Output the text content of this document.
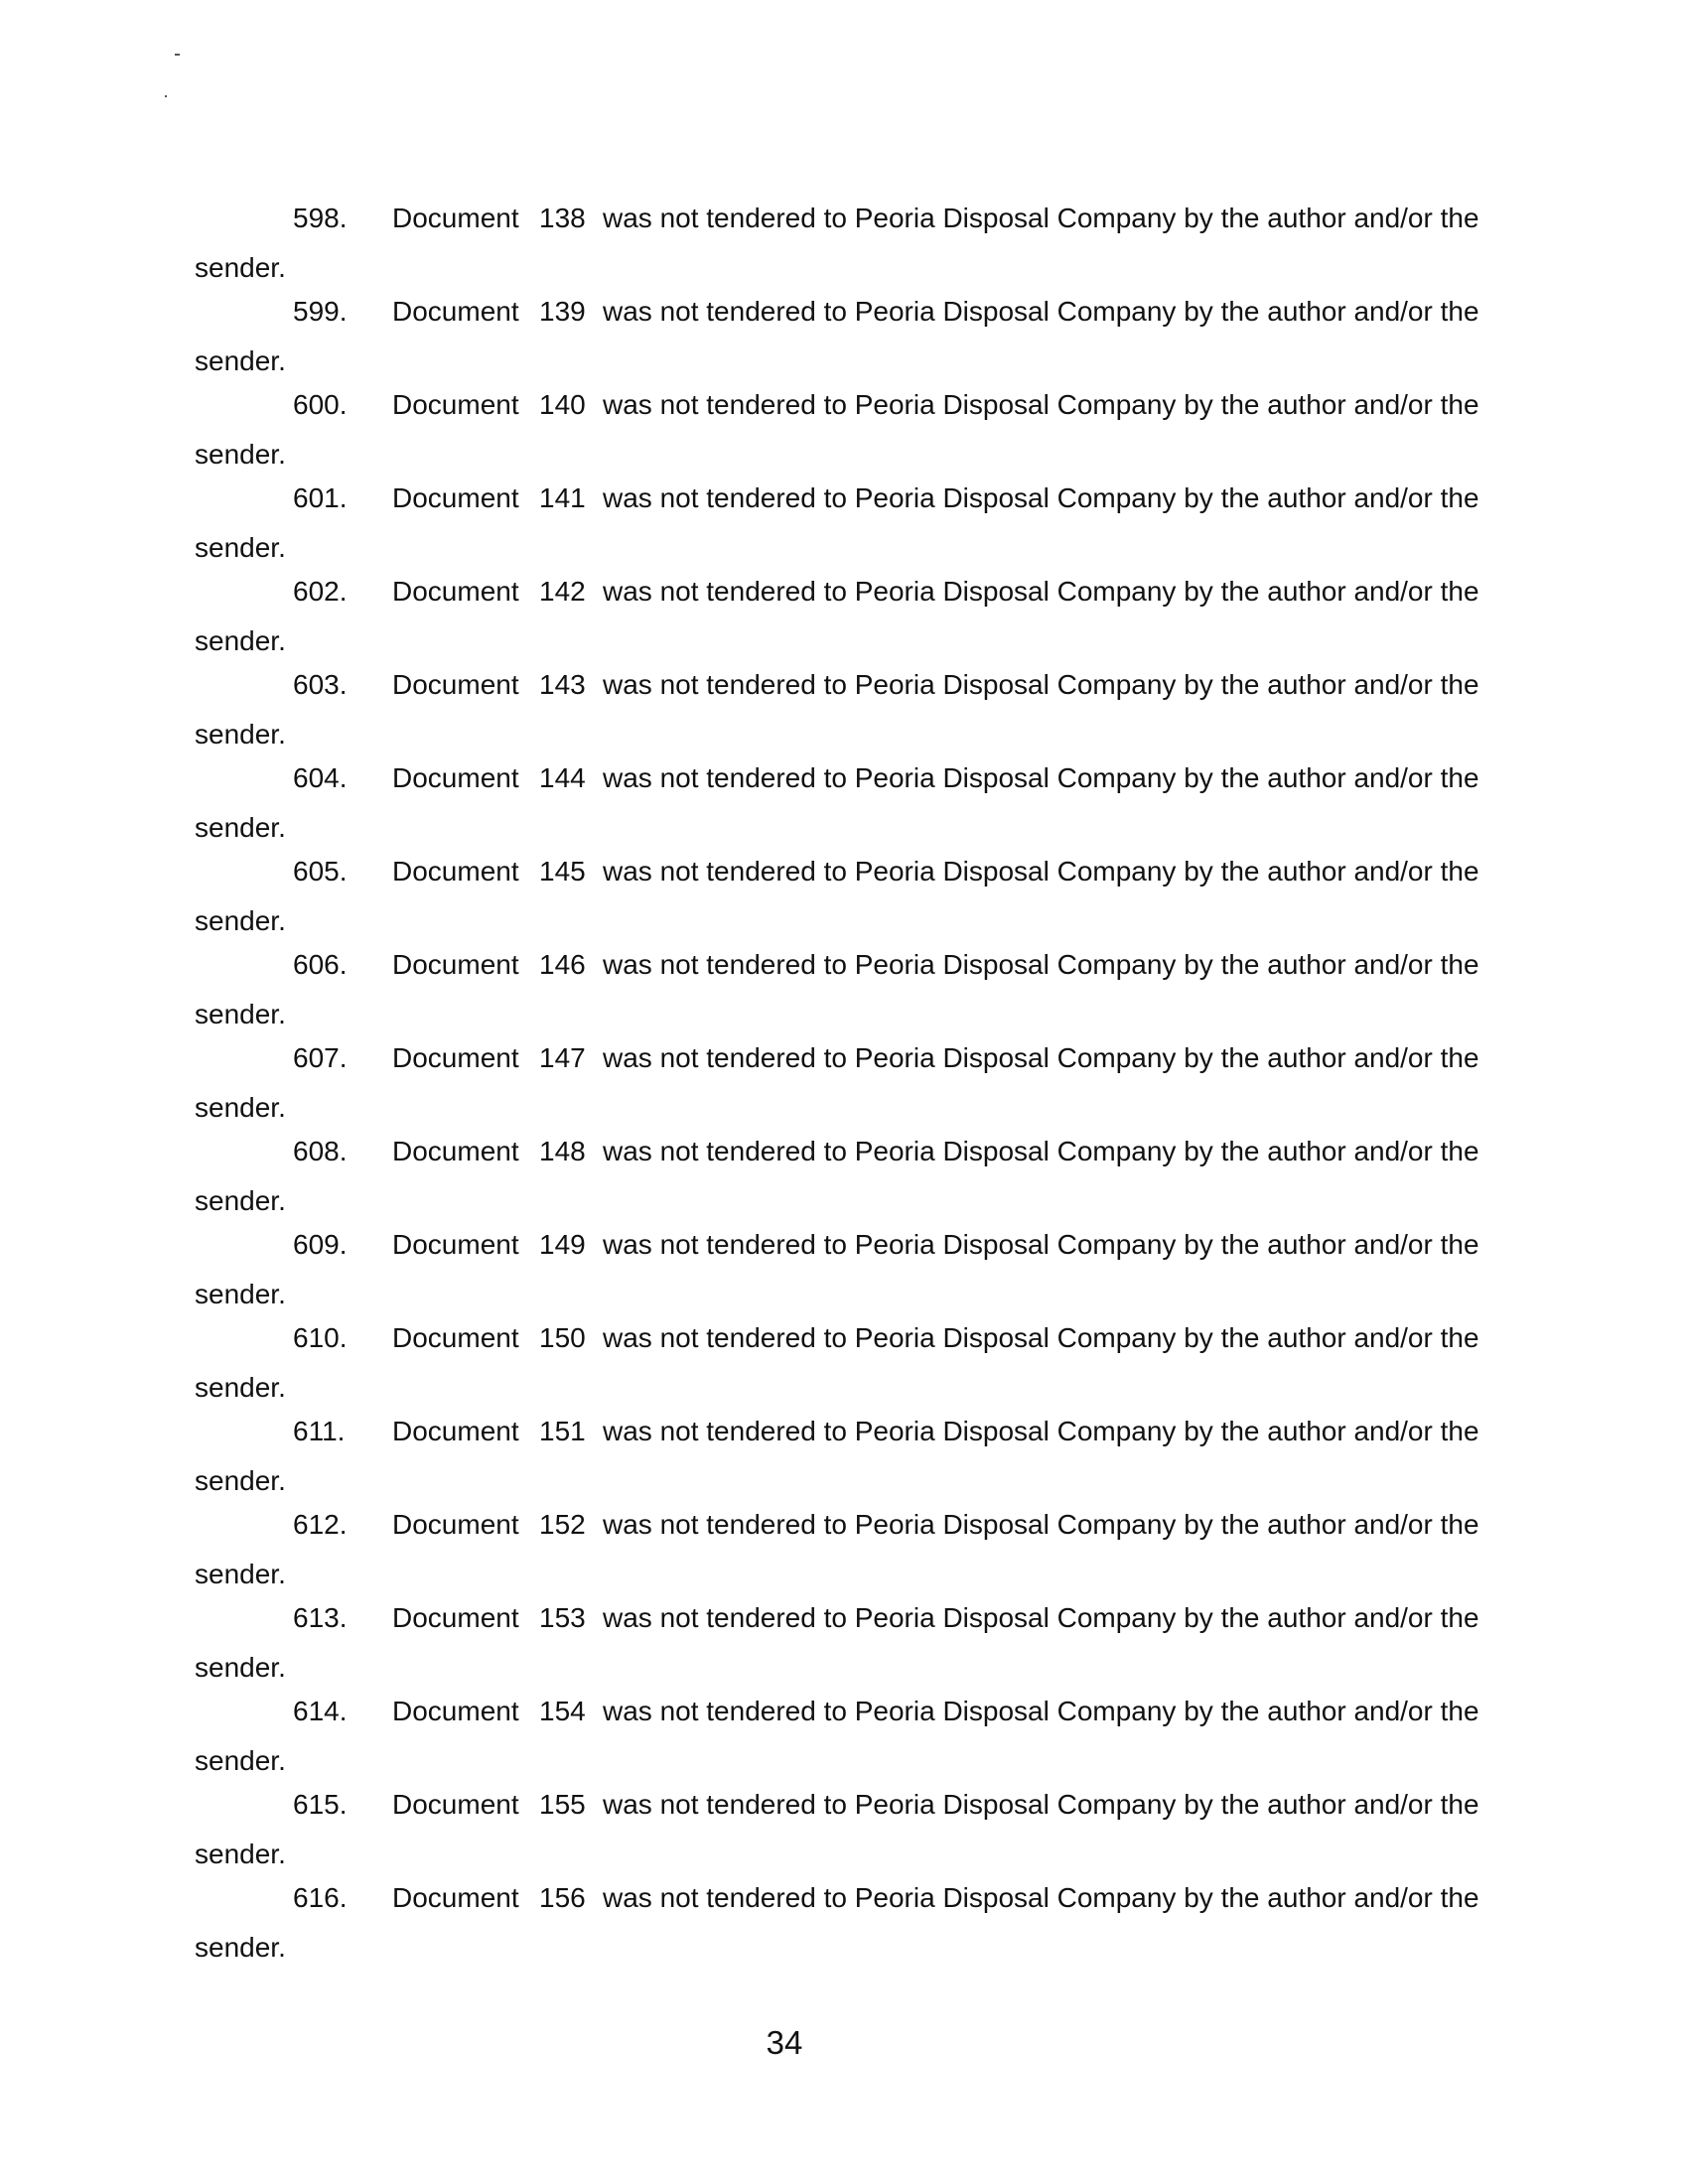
598. Document 138 was not tendered to Peoria Disposal Company by the author and/or the
sender.
599. Document 139 was not tendered to Peoria Disposal Company by the author and/or the
sender.
600. Document 140 was not tendered to Peoria Disposal Company by the author and/or the
sender.
601. Document 141 was not tendered to Peoria Disposal Company by the author and/or the
sender.
602. Document 142 was not tendered to Peoria Disposal Company by the author and/or the
sender.
603. Document 143 was not tendered to Peoria Disposal Company by the author and/or the
sender.
604. Document 144 was not tendered to Peoria Disposal Company by the author and/or the
sender.
605. Document 145 was not tendered to Peoria Disposal Company by the author and/or the
sender.
606. Document 146 was not tendered to Peoria Disposal Company by the author and/or the
sender.
607. Document 147 was not tendered to Peoria Disposal Company by the author and/or the
sender.
608. Document 148 was not tendered to Peoria Disposal Company by the author and/or the
sender.
609. Document 149 was not tendered to Peoria Disposal Company by the author and/or the
sender.
610. Document 150 was not tendered to Peoria Disposal Company by the author and/or the
sender.
611. Document 151 was not tendered to Peoria Disposal Company by the author and/or the
sender.
612. Document 152 was not tendered to Peoria Disposal Company by the author and/or the
sender.
613. Document 153 was not tendered to Peoria Disposal Company by the author and/or the
sender.
614. Document 154 was not tendered to Peoria Disposal Company by the author and/or the
sender.
615. Document 155 was not tendered to Peoria Disposal Company by the author and/or the
sender.
616. Document 156 was not tendered to Peoria Disposal Company by the author and/or the
sender.
34
